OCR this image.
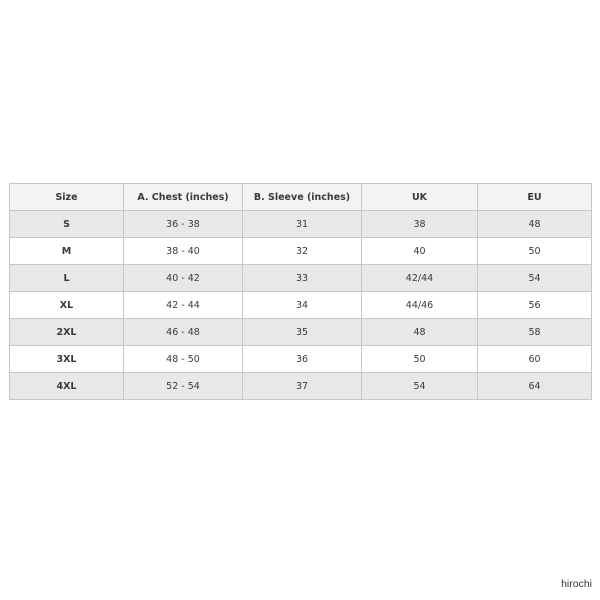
Size	A. Chest (inches)	B. Sleeve (inches)	UK	EU
S	36 - 38	31	38	48
M	38 - 40	32	40	50
L	40 - 42	33	42/44	54
XL	42 - 44	34	44/46	56
2XL	46 - 48	35	48	58
3XL	48 - 50	36	50	60
4XL	52 - 54	37	54	64
hirochi
